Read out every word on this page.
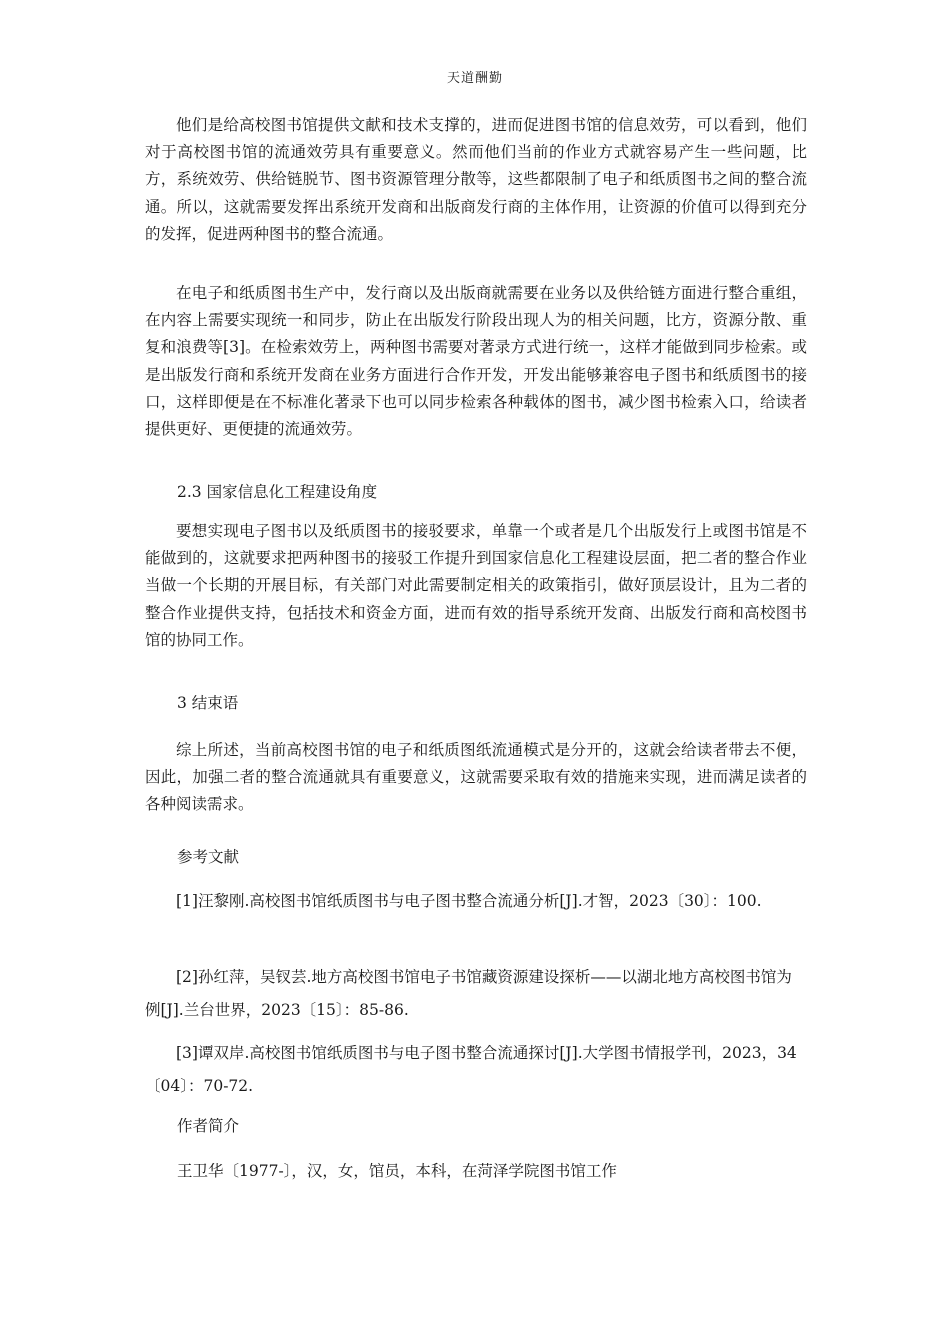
天道酬勤

他们是给高校图书馆提供文献和技术支撑的，进而促进图书馆的信息效劳，可以看到，他们对于高校图书馆的流通效劳具有重要意义。然而他们当前的作业方式就容易产生一些问题，比方，系统效劳、供给链脱节、图书资源管理分散等，这些都限制了电子和纸质图书之间的整合流通。所以，这就需要发挥出系统开发商和出版商发行商的主体作用，让资源的价值可以得到充分的发挥，促进两种图书的整合流通。

在电子和纸质图书生产中，发行商以及出版商就需要在业务以及供给链方面进行整合重组，在内容上需要实现统一和同步，防止在出版发行阶段出现人为的相关问题，比方，资源分散、重复和浪费等[3]。在检索效劳上，两种图书需要对著录方式进行统一，这样才能做到同步检索。或是出版发行商和系统开发商在业务方面进行合作开发，开发出能够兼容电子图书和纸质图书的接口，这样即便是在不标准化著录下也可以同步检索各种载体的图书，减少图书检索入口，给读者提供更好、更便捷的流通效劳。

2.3 国家信息化工程建设角度

要想实现电子图书以及纸质图书的接驳要求，单靠一个或者是几个出版发行上或图书馆是不能做到的，这就要求把两种图书的接驳工作提升到国家信息化工程建设层面，把二者的整合作业当做一个长期的开展目标，有关部门对此需要制定相关的政策指引，做好顶层设计，且为二者的整合作业提供支持，包括技术和资金方面，进而有效的指导系统开发商、出版发行商和高校图书馆的协同工作。

3 结束语

综上所述，当前高校图书馆的电子和纸质图纸流通模式是分开的，这就会给读者带去不便，因此，加强二者的整合流通就具有重要意义，这就需要采取有效的措施来实现，进而满足读者的各种阅读需求。

参考文献

[1]汪黎刚.高校图书馆纸质图书与电子图书整合流通分析[J].才智，2023〔30〕：100.

[2]孙红萍，吴钗芸.地方高校图书馆电子书馆藏资源建设探析——以湖北地方高校图书馆为例[J].兰台世界，2023〔15〕：85-86.

[3]谭双岸.高校图书馆纸质图书与电子图书整合流通探讨[J].大学图书情报学刊，2023，34〔04〕：70-72.

作者简介

王卫华〔1977-〕，汉，女，馆员，本科，在菏泽学院图书馆工作
